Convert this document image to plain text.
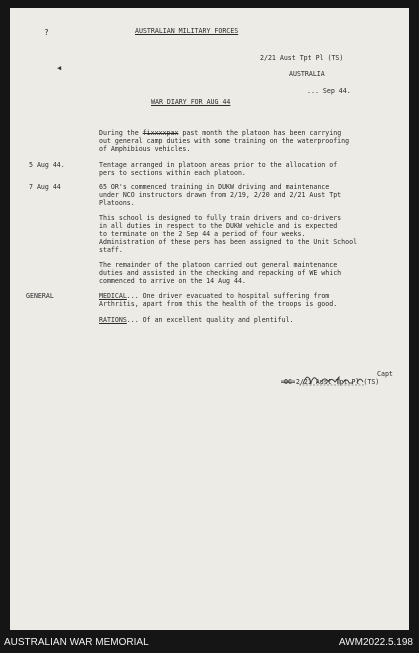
?
◀
AUSTRALIAN MILITARY FORCES
2/21 Aust Tpt Pl (TS)
AUSTRALIA
... Sep 44.
WAR DIARY FOR AUG 44
During the fixxxxpax past month the platoon has been carrying
out general camp duties with some training on the waterproofing
of Amphibious vehicles.
5 Aug 44.	Tentage arranged in platoon areas prior to the allocation of
pers to sections within each platoon.
7 Aug 44	65 OR's commenced training in DUKW driving and maintenance
under NCO instructors drawn from 2/19, 2/20 and 2/21 Aust Tpt
Platoons.
This school is designed to fully train drivers and co-drivers
in all duties in respect to the DUKW vehicle and is expected
to terminate on the 2 Sep 44 a period of four weeks.
Administration of these pers has been assigned to the Unit School
staff.
The remainder of the platoon carried out general maintenance
duties and assisted in the checking and repacking of WE which
commenced to arrive on the 14 Aug 44.
GENERAL	MEDICAL... One driver evacuated to hospital suffering from
Arthritis, apart from this the health of the troops is good.
RATIONS... Of an excellent quality and plentiful.
Capt
OC 2/21 Aust Tpt Pl (TS)
AUSTRALIAN WAR MEMORIAL	AWM2022.5.198
